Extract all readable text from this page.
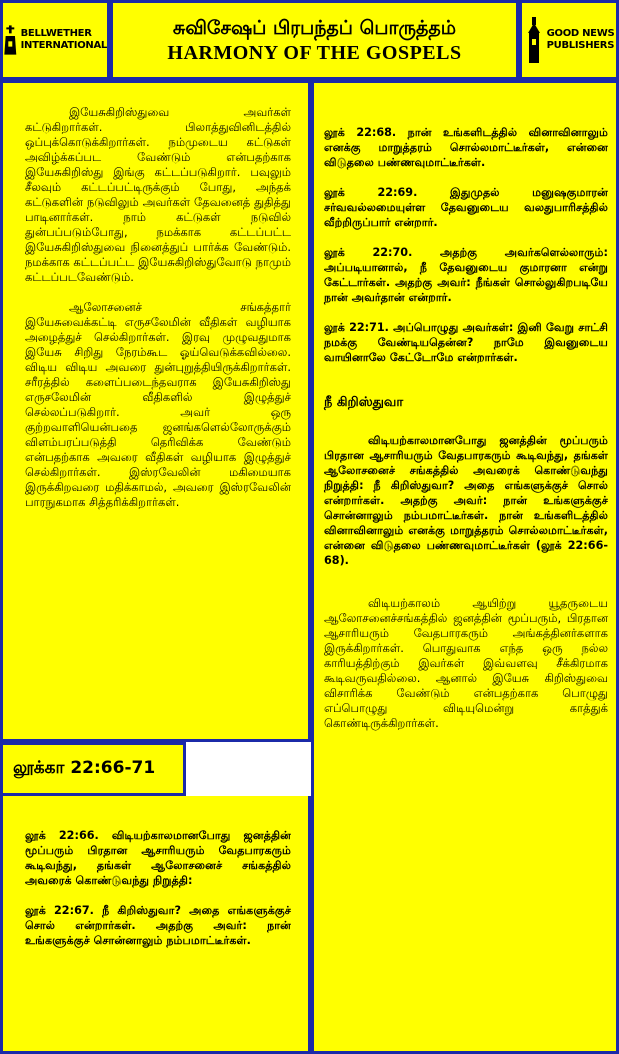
BELLWETHER
INTERNATIONAL
சுவிசேஷப் பிரபந்தப் பொருத்தம்
HARMONY OF THE GOSPELS
GOOD NEWS
PUBLISHERS

இயேசுகிறிஸ்துவை அவர்கள் கட்டுகிறார்கள். பிலாத்துவினிடத்தில் ஒப்புக்கொடுக்கிறார்கள். நம்முடைய கட்டுகள் அவிழ்க்கப்பட வேண்டும் என்பதற்காக இயேசுகிறிஸ்து இங்கு கட்டப்படுகிறார். பவுலும் சீலவும் கட்டப்பட்டிருக்கும் போது, அந்தக் கட்டுகளின் நடுவிலும் அவர்கள் தேவனைத் துதித்து பாடினார்கள். நாம் கட்டுகள் நடுவில் துன்பப்படும்போது, நமக்காக கட்டப்பட்ட இயேசுகிறிஸ்துவை நினைத்துப் பார்க்க வேண்டும். நமக்காக கட்டப்பட்ட இயேசுகிறிஸ்துவோடு நாமும் கட்டப்படவேண்டும்.

ஆலோசனைச் சங்கத்தார் இயேசுவைக்கட்டி எருசலேமின் வீதிகள் வழியாக அழைத்துச் செல்கிறார்கள். இரவு முழுவதுமாக இயேசு சிறிது நேரம்கூட ஓய்வெடுக்கவில்லை. விடிய விடிய அவரை துன்புறுத்தியிருக்கிறார்கள். சரீரத்தில் களைப்படைந்தவராக இயேசுகிறிஸ்து எருசலேமின் வீதிகளில் இழுத்துச் செல்லப்படுகிறார். அவர் ஒரு குற்றவாளியென்பதை ஜனங்களெல்லோருக்கும் விளம்பரப்படுத்தி தெரிவிக்க வேண்டும் என்பதற்காக அவரை வீதிகள் வழியாக இழுத்துச் செல்கிறார்கள். இஸ்ரவேலின் மகிமையாக இருக்கிறவரை மதிக்காமல், அவரை இஸ்ரவேலின் பாரநுகமாக சித்தரிக்கிறார்கள்.

லூக்கா 22:66-71

லூக் 22:66. விடியற்காலமானபோது ஜனத்தின் மூப்பரும் பிரதான ஆசாரியரும் வேதபாரகரும் கூடிவந்து, தங்கள் ஆலோசனைச் சங்கத்தில் அவரைக் கொண்டுவந்து நிறுத்தி:

லூக் 22:67. நீ கிறிஸ்துவா? அதை எங்களுக்குச் சொல் என்றார்கள். அதற்கு அவர்: நான் உங்களுக்குச் சொன்னாலும் நம்பமாட்டீர்கள்.

லூக் 22:68. நான் உங்களிடத்தில் வினாவினாலும் எனக்கு மாறுத்தரம் சொல்லமாட்டீர்கள், என்னை விடுதலை பண்ணவுமாட்டீர்கள்.

லூக் 22:69. இதுமுதல் மனுஷகுமாரன் சர்வவல்லமையுள்ள தேவனுடைய வலதுபாரிசத்தில் வீற்றிருப்பார் என்றார்.

லூக் 22:70. அதற்கு அவர்களெல்லாரும்: அப்படியானால், நீ தேவனுடைய குமாரனா என்று கேட்டார்கள். அதற்கு அவர்: நீங்கள் சொல்லுகிறபடியே நான் அவர்தான் என்றார்.

லூக் 22:71. அப்பொழுது அவர்கள்: இனி வேறு சாட்சி நமக்கு வேண்டியதென்ன? நாமே இவனுடைய வாயினாலே கேட்டோமே என்றார்கள்.

நீ கிறிஸ்துவா

விடியற்காலமானபோது ஜனத்தின் மூப்பரும் பிரதான ஆசாரியரும் வேதபாரகரும் கூடிவந்து, தங்கள் ஆலோசனைச் சங்கத்தில் அவரைக் கொண்டுவந்து நிறுத்தி: நீ கிறிஸ்துவா? அதை எங்களுக்குச் சொல் என்றார்கள். அதற்கு அவர்: நான் உங்களுக்குச் சொன்னாலும் நம்பமாட்டீர்கள். நான் உங்களிடத்தில் வினாவினாலும் எனக்கு மாறுத்தரம் சொல்லமாட்டீர்கள், என்னை விடுதலை பண்ணவுமாட்டீர்கள் (லூக் 22:66-68).

விடியற்காலம் ஆயிற்று யூதருடைய ஆலோசனைச்சங்கத்தில் ஜனத்தின் மூப்பரும், பிரதான ஆசாரியரும் வேதபாரகரும் அங்கத்தினர்களாக இருக்கிறார்கள். பொதுவாக எந்த ஒரு நல்ல காரியத்திற்கும் இவர்கள் இவ்வளவு சீக்கிரமாக கூடிவருவதில்லை. ஆனால் இயேசு கிறிஸ்துவை விசாரிக்க வேண்டும் என்பதற்காக பொழுது எப்பொழுது விடியுமென்று காத்துக் கொண்டிருக்கிறார்கள்.
